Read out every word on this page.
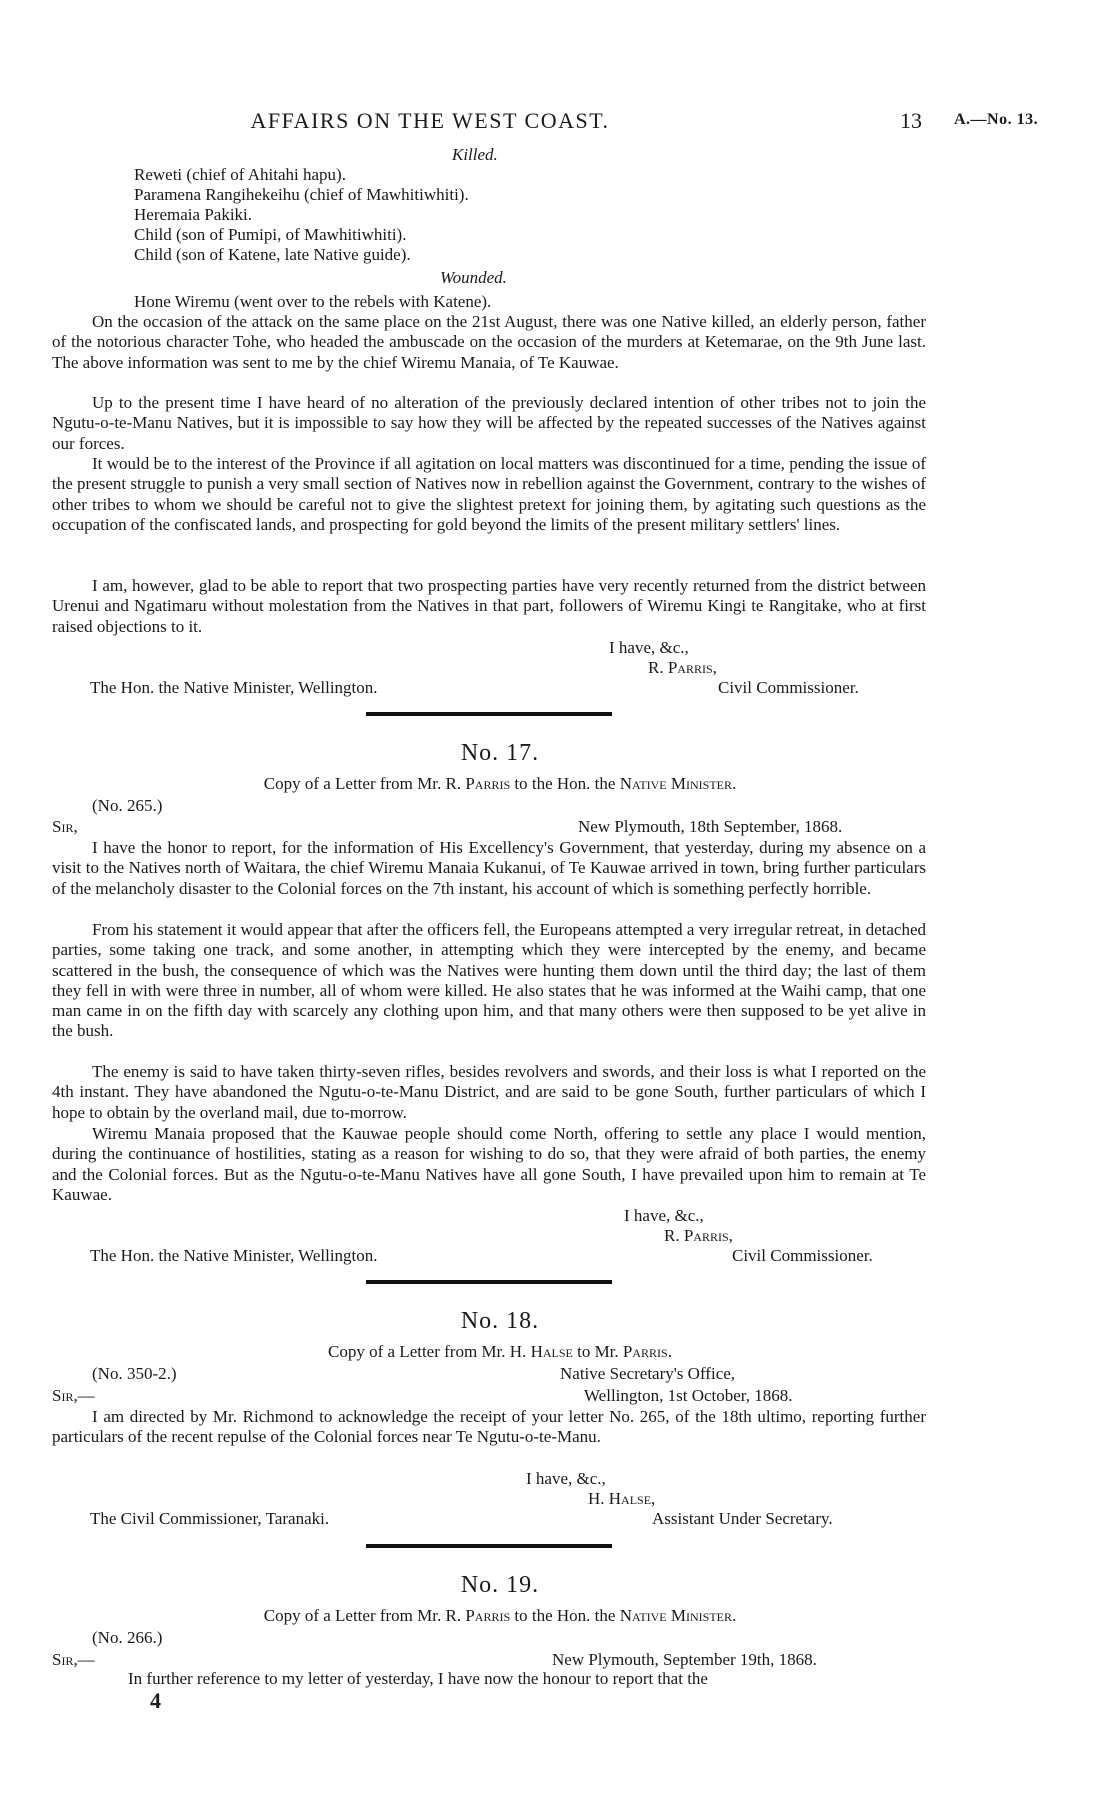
AFFAIRS ON THE WEST COAST.	13 A.—No. 13.
Killed.
Reweti (chief of Ahitahi hapu).
Paramena Rangihekeihu (chief of Mawhitiwhiti).
Heremaia Pakiki.
Child (son of Pumipi, of Mawhitiwhiti).
Child (son of Katene, late Native guide).
Wounded.
Hone Wiremu (went over to the rebels with Katene).
On the occasion of the attack on the same place on the 21st August, there was one Native killed, an elderly person, father of the notorious character Tohe, who headed the ambuscade on the occasion of the murders at Ketemarae, on the 9th June last. The above information was sent to me by the chief Wiremu Manaia, of Te Kauwae.
Up to the present time I have heard of no alteration of the previously declared intention of other tribes not to join the Ngutu-o-te-Manu Natives, but it is impossible to say how they will be affected by the repeated successes of the Natives against our forces.
It would be to the interest of the Province if all agitation on local matters was discontinued for a time, pending the issue of the present struggle to punish a very small section of Natives now in rebellion against the Government, contrary to the wishes of other tribes to whom we should be careful not to give the slightest pretext for joining them, by agitating such questions as the occupation of the confiscated lands, and prospecting for gold beyond the limits of the present military settlers' lines.
I am, however, glad to be able to report that two prospecting parties have very recently returned from the district between Urenui and Ngatimaru without molestation from the Natives in that part, followers of Wiremu Kingi te Rangitake, who at first raised objections to it.
I have, &c.,
R. Parris,
The Hon. the Native Minister, Wellington.	Civil Commissioner.
No. 17.
Copy of a Letter from Mr. R. Parris to the Hon. the Native Minister.
(No. 265.)
Sir,	New Plymouth, 18th September, 1868.
I have the honor to report, for the information of His Excellency's Government, that yesterday, during my absence on a visit to the Natives north of Waitara, the chief Wiremu Manaia Kukanui, of Te Kauwae arrived in town, bring further particulars of the melancholy disaster to the Colonial forces on the 7th instant, his account of which is something perfectly horrible.
From his statement it would appear that after the officers fell, the Europeans attempted a very irregular retreat, in detached parties, some taking one track, and some another, in attempting which they were intercepted by the enemy, and became scattered in the bush, the consequence of which was the Natives were hunting them down until the third day; the last of them they fell in with were three in number, all of whom were killed. He also states that he was informed at the Waihi camp, that one man came in on the fifth day with scarcely any clothing upon him, and that many others were then supposed to be yet alive in the bush.
The enemy is said to have taken thirty-seven rifles, besides revolvers and swords, and their loss is what I reported on the 4th instant. They have abandoned the Ngutu-o-te-Manu District, and are said to be gone South, further particulars of which I hope to obtain by the overland mail, due to-morrow.
Wiremu Manaia proposed that the Kauwae people should come North, offering to settle any place I would mention, during the continuance of hostilities, stating as a reason for wishing to do so, that they were afraid of both parties, the enemy and the Colonial forces. But as the Ngutu-o-te-Manu Natives have all gone South, I have prevailed upon him to remain at Te Kauwae.
I have, &c.,
R. Parris,
The Hon. the Native Minister, Wellington.	Civil Commissioner.
No. 18.
Copy of a Letter from Mr. H. Halse to Mr. Parris.
(No. 350-2.)	Native Secretary's Office,
Sir,—	Wellington, 1st October, 1868.
I am directed by Mr. Richmond to acknowledge the receipt of your letter No. 265, of the 18th ultimo, reporting further particulars of the recent repulse of the Colonial forces near Te Ngutu-o-te-Manu.
I have, &c.,
H. Halse,
The Civil Commissioner, Taranaki.	Assistant Under Secretary.
No. 19.
Copy of a Letter from Mr. R. Parris to the Hon. the Native Minister.
(No. 266.)
Sir,—	New Plymouth, September 19th, 1868.
In further reference to my letter of yesterday, I have now the honour to report that the
4
